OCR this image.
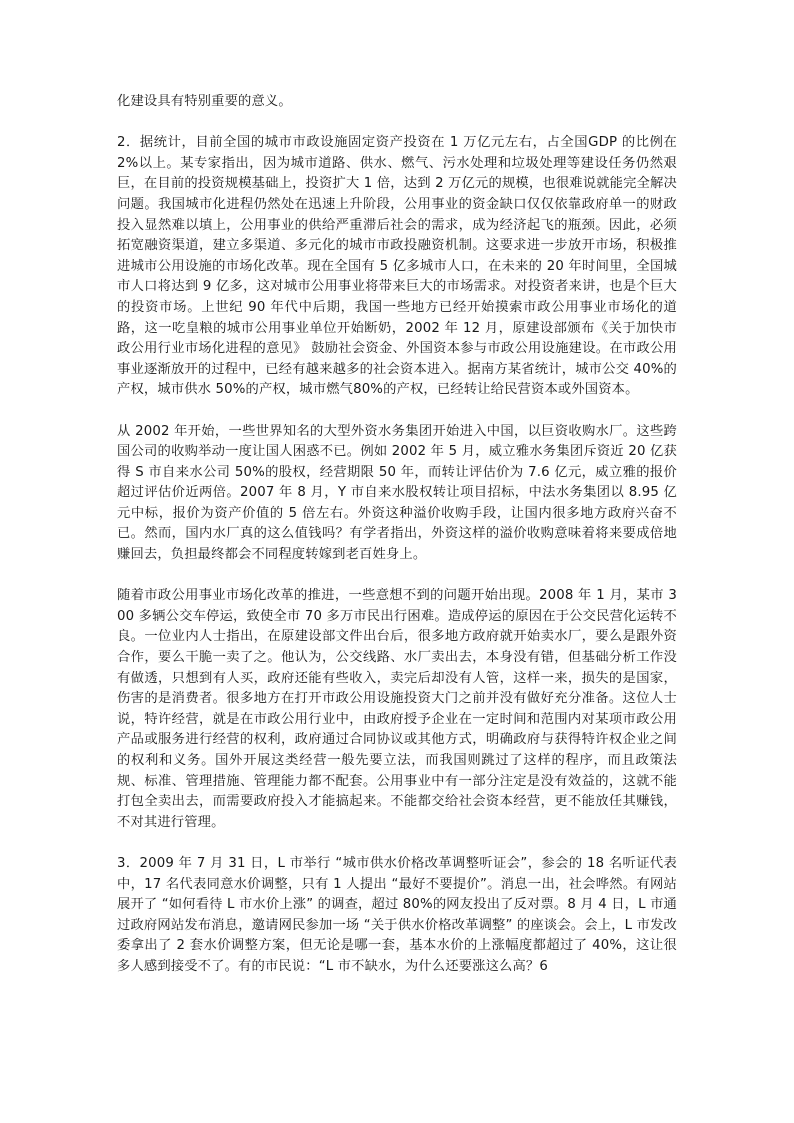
化建设具有特别重要的意义。

2．据统计，目前全国的城市市政设施固定资产投资在 1 万亿元左右，占全国GDP 的比例在 2%以上。某专家指出，因为城市道路、供水、燃气、污水处理和垃圾处理等建设任务仍然艰巨，在目前的投资规模基础上，投资扩大 1 倍，达到 2 万亿元的规模，也很难说就能完全解决问题。我国城市化进程仍然处在迅速上升阶段，公用事业的资金缺口仅仅依靠政府单一的财政投入显然难以填上，公用事业的供给严重滞后社会的需求，成为经济起飞的瓶颈。因此，必须拓宽融资渠道，建立多渠道、多元化的城市市政投融资机制。这要求进一步放开市场，积极推进城市公用设施的市场化改革。现在全国有 5 亿多城市人口，在未来的 20 年时间里，全国城市人口将达到 9 亿多，这对城市公用事业将带来巨大的市场需求。对投资者来讲，也是个巨大的投资市场。上世纪 90 年代中后期，我国一些地方已经开始摸索市政公用事业市场化的道路，这一吃皇粮的城市公用事业单位开始断奶，2002 年 12 月，原建设部颁布《关于加快市政公用行业市场化进程的意见》 鼓励社会资金、外国资本参与市政公用设施建设。在市政公用事业逐渐放开的过程中，已经有越来越多的社会资本进入。据南方某省统计，城市公交 40%的产权，城市供水 50%的产权，城市燃气80%的产权，已经转让给民营资本或外国资本。

从 2002 年开始，一些世界知名的大型外资水务集团开始进入中国，以巨资收购水厂。这些跨国公司的收购举动一度让国人困惑不已。例如 2002 年 5 月，威立雅水务集团斥资近 20 亿获得 S 市自来水公司 50%的股权，经营期限 50 年，而转让评估价为 7.6 亿元，威立雅的报价超过评估价近两倍。2007 年 8 月，Y 市自来水股权转让项目招标，中法水务集团以 8.95 亿元中标，报价为资产价值的 5 倍左右。外资这种溢价收购手段，让国内很多地方政府兴奋不已。然而，国内水厂真的这么值钱吗？有学者指出，外资这样的溢价收购意味着将来要成倍地赚回去，负担最终都会不同程度转嫁到老百姓身上。

随着市政公用事业市场化改革的推进，一些意想不到的问题开始出现。2008 年 1 月，某市 300 多辆公交车停运，致使全市 70 多万市民出行困难。造成停运的原因在于公交民营化运转不良。一位业内人士指出，在原建设部文件出台后，很多地方政府就开始卖水厂，要么是跟外资合作，要么干脆一卖了之。他认为，公交线路、水厂卖出去，本身没有错，但基础分析工作没有做透，只想到有人买，政府还能有些收入，卖完后却没有人管，这样一来，损失的是国家，伤害的是消费者。很多地方在打开市政公用设施投资大门之前并没有做好充分准备。这位人士说，特许经营，就是在市政公用行业中，由政府授予企业在一定时间和范围内对某项市政公用产品或服务进行经营的权利，政府通过合同协议或其他方式，明确政府与获得特许权企业之间的权利和义务。国外开展这类经营一般先要立法，而我国则跳过了这样的程序，而且政策法规、标准、管理措施、管理能力都不配套。公用事业中有一部分注定是没有效益的，这就不能打包全卖出去，而需要政府投入才能搞起来。不能都交给社会资本经营，更不能放任其赚钱，不对其进行管理。

3．2009 年 7 月 31 日，L 市举行 “城市供水价格改革调整听证会”，参会的 18 名听证代表中，17 名代表同意水价调整，只有 1 人提出 “最好不要提价”。消息一出，社会哗然。有网站展开了 “如何看待 L 市水价上涨” 的调查，超过 80%的网友投出了反对票。8 月 4 日，L 市通过政府网站发布消息，邀请网民参加一场 “关于供水价格改革调整” 的座谈会。会上，L 市发改委拿出了 2 套水价调整方案，但无论是哪一套，基本水价的上涨幅度都超过了 40%，这让很多人感到接受不了。有的市民说：“L 市不缺水，为什么还要涨这么高？6
